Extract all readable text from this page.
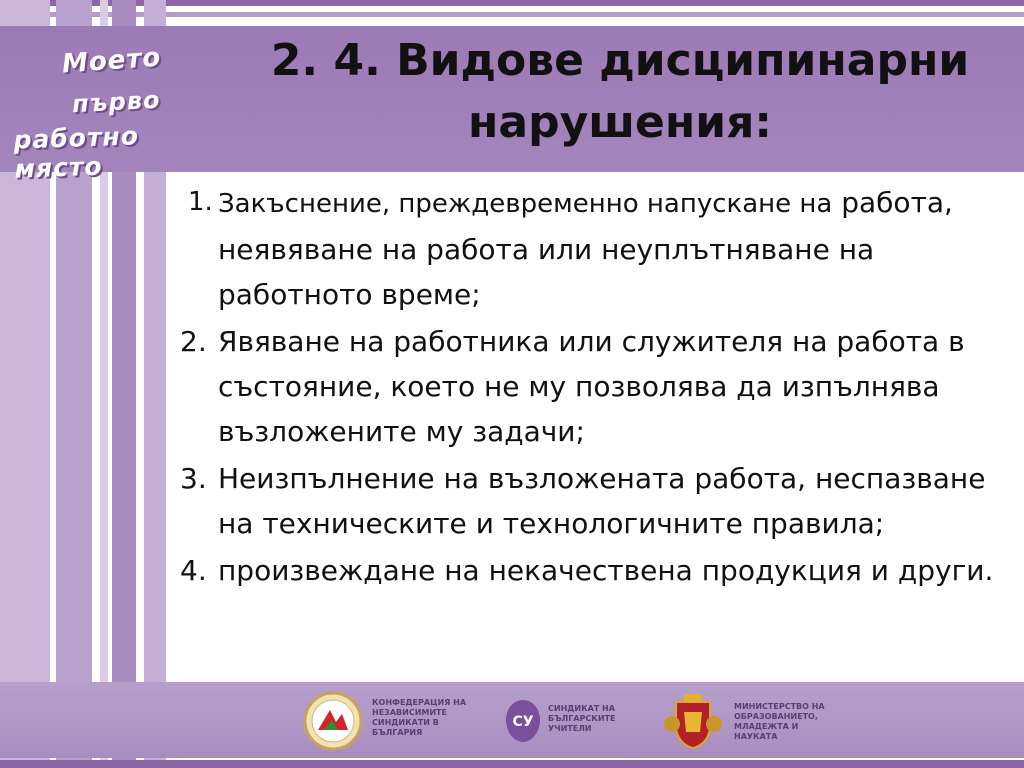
Моето
първо
работно място
2. 4. Видове дисципинарни
нарушения:
1. Закъснение, преждевременно напускане на работа, неявяване на работа или неуплътняване на работното време;
2. Явяване на работника или служителя на работа в състояние, което не му позволява да изпълнява възложените му задачи;
3. Неизпълнение на възложената работа, неспазване на техническите и технологичните правила;
4. произвеждане на некачествена продукция и други.
КОНФЕДЕРАЦИЯ НА НЕЗАВИСИМИТЕ СИНДИКАТИ В БЪЛГАРИЯ
СУ
СИНДИКАТ НА БЪЛГАРСКИТЕ УЧИТЕЛИ
МИНИСТЕРСТВО НА ОБРАЗОВАНИЕТО, МЛАДЕЖТА И НАУКАТА
